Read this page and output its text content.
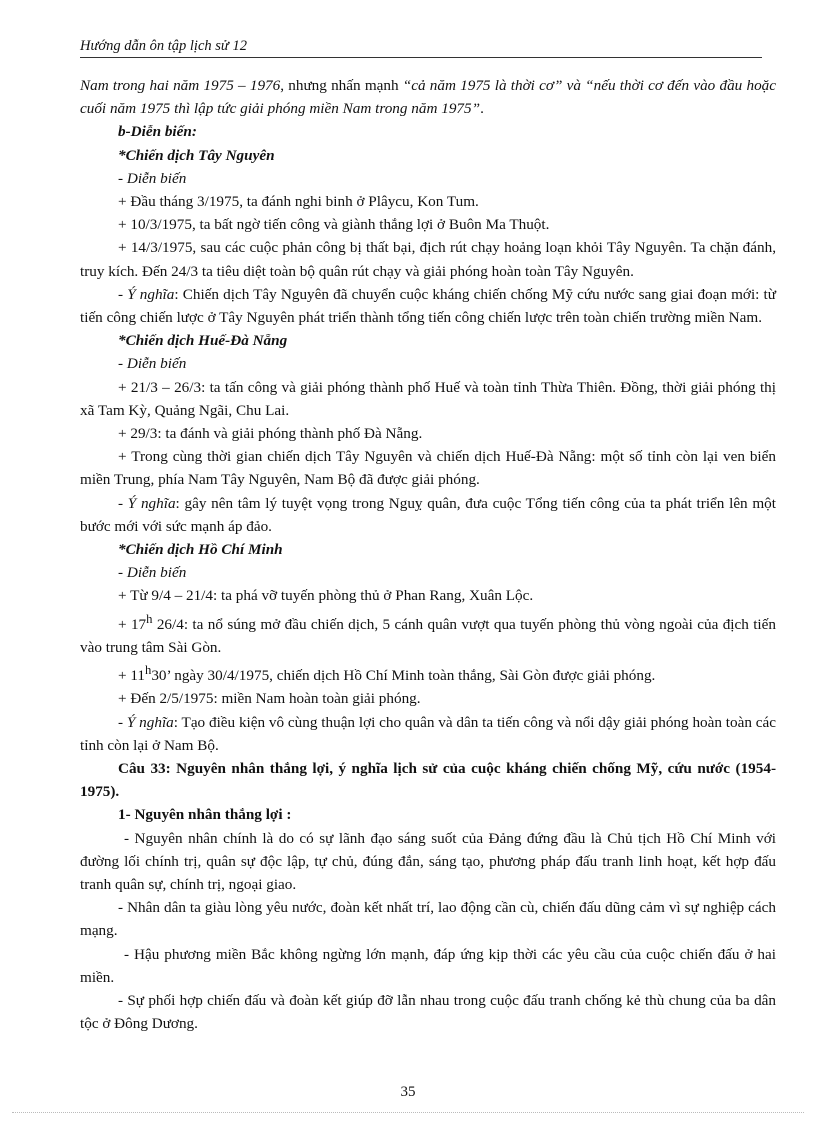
Hướng dẫn ôn tập lịch sử 12

Nam trong hai năm 1975 – 1976, nhưng nhấn mạnh “cả năm 1975 là thời cơ” và “nếu thời cơ đến vào đầu hoặc cuối năm 1975 thì lập tức giải phóng miền Nam trong năm 1975”.

b-Diễn biến:

*Chiến dịch Tây Nguyên

- Diễn biến

+ Đầu tháng 3/1975, ta đánh nghi binh ở Plâycu, Kon Tum.

+ 10/3/1975, ta bất ngờ tiến công và giành thắng lợi ở Buôn Ma Thuột.

+ 14/3/1975, sau các cuộc phản công bị thất bại, địch rút chạy hoảng loạn khỏi Tây Nguyên. Ta chặn đánh, truy kích. Đến 24/3 ta tiêu diệt toàn bộ quân rút chạy và giải phóng hoàn toàn Tây Nguyên.

- Ý nghĩa: Chiến dịch Tây Nguyên đã chuyển cuộc kháng chiến chống Mỹ cứu nước sang giai đoạn mới: từ tiến công chiến lược ở Tây Nguyên phát triển thành tổng tiến công chiến lược trên toàn chiến trường miền Nam.

*Chiến dịch Huế-Đà Nẵng

- Diễn biến

+ 21/3 – 26/3: ta tấn công và giải phóng thành phố Huế và toàn tỉnh Thừa Thiên. Đồng, thời giải phóng thị xã Tam Kỳ, Quảng Ngãi, Chu Lai.

+ 29/3: ta đánh và giải phóng thành phố Đà Nẵng.

+ Trong cùng thời gian chiến dịch Tây Nguyên và chiến dịch Huế-Đà Nẵng: một số tỉnh còn lại ven biển miền Trung, phía Nam Tây Nguyên, Nam Bộ đã được giải phóng.

- Ý nghĩa: gây nên tâm lý tuyệt vọng trong Nguỵ quân, đưa cuộc Tổng tiến công của ta phát triển lên một bước mới với sức mạnh áp đảo.

*Chiến dịch Hồ Chí Minh

- Diễn biến

+ Từ 9/4 – 21/4: ta phá vỡ tuyến phòng thủ ở Phan Rang, Xuân Lộc.

+ $17^h$ 26/4: ta nổ súng mở đầu chiến dịch, 5 cánh quân vượt qua tuyến phòng thủ vòng ngoài của địch tiến vào trung tâm Sài Gòn.

+ $11^h30$’ ngày 30/4/1975, chiến dịch Hồ Chí Minh toàn thắng, Sài Gòn được giải phóng.

+ Đến 2/5/1975: miền Nam hoàn toàn giải phóng.

- Ý nghĩa: Tạo điều kiện vô cùng thuận lợi cho quân và dân ta tiến công và nổi dậy giải phóng hoàn toàn các tỉnh còn lại ở Nam Bộ.

Câu 33: Nguyên nhân thắng lợi, ý nghĩa lịch sử của cuộc kháng chiến chống Mỹ, cứu nước (1954-1975).

1- Nguyên nhân thắng lợi :

- Nguyên nhân chính là do có sự lãnh đạo sáng suốt của Đảng đứng đầu là Chủ tịch Hồ Chí Minh với đường lối chính trị, quân sự độc lập, tự chủ, đúng đắn, sáng tạo, phương pháp đấu tranh linh hoạt, kết hợp đấu tranh quân sự, chính trị, ngoại giao.

- Nhân dân ta giàu lòng yêu nước, đoàn kết nhất trí, lao động cần cù, chiến đấu dũng cảm vì sự nghiệp cách mạng.

- Hậu phương miền Bắc không ngừng lớn mạnh, đáp ứng kịp thời các yêu cầu của cuộc chiến đấu ở hai miền.

- Sự phối hợp chiến đấu và đoàn kết giúp đỡ lẫn nhau trong cuộc đấu tranh chống kẻ thù chung của ba dân tộc ở Đông Dương.

35
